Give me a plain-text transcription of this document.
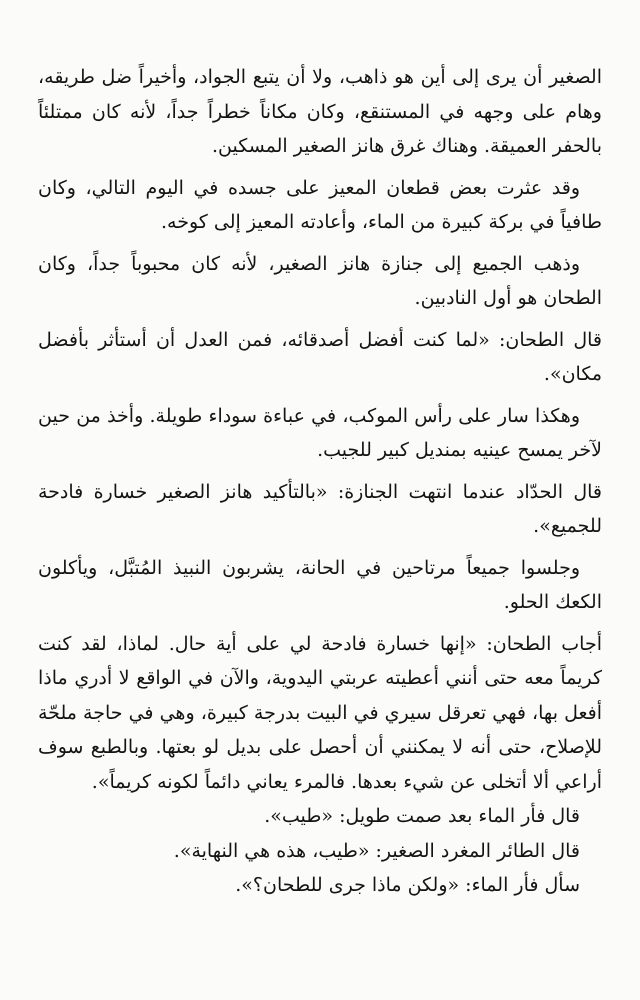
الصغير أن يرى إلى أين هو ذاهب، ولا أن يتبع الجواد، وأخيراً ضل طريقه، وهام على وجهه في المستنقع، وكان مكاناً خطراً جداً، لأنه كان ممتلئاً بالحفر العميقة. وهناك غرق هانز الصغير المسكين.

وقد عثرت بعض قطعان المعيز على جسده في اليوم التالي، وكان طافياً في بركة كبيرة من الماء، وأعادته المعيز إلى كوخه.

وذهب الجميع إلى جنازة هانز الصغير، لأنه كان محبوباً جداً، وكان الطحان هو أول النادبين.

قال الطحان: «لما كنت أفضل أصدقائه، فمن العدل أن أستأثر بأفضل مكان».

وهكذا سار على رأس الموكب، في عباءة سوداء طويلة. وأخذ من حين لآخر يمسح عينيه بمنديل كبير للجيب.

قال الحدّاد عندما انتهت الجنازة: «بالتأكيد هانز الصغير خسارة فادحة للجميع».

وجلسوا جميعاً مرتاحين في الحانة، يشربون النبيذ المُتبَّل، ويأكلون الكعك الحلو.

أجاب الطحان: «إنها خسارة فادحة لي على أية حال. لماذا، لقد كنت كريماً معه حتى أنني أعطيته عربتي اليدوية، والآن في الواقع لا أدري ماذا أفعل بها، فهي تعرقل سيري في البيت بدرجة كبيرة، وهي في حاجة ملحّة للإصلاح، حتى أنه لا يمكنني أن أحصل على بديل لو بعتها. وبالطبع سوف أراعي ألا أتخلى عن شيء بعدها. فالمرء يعاني دائماً لكونه كريماً».

قال فأر الماء بعد صمت طويل: «طيب».

قال الطائر المغرد الصغير: «طيب، هذه هي النهاية».

سأل فأر الماء: «ولكن ماذا جرى للطحان؟».
